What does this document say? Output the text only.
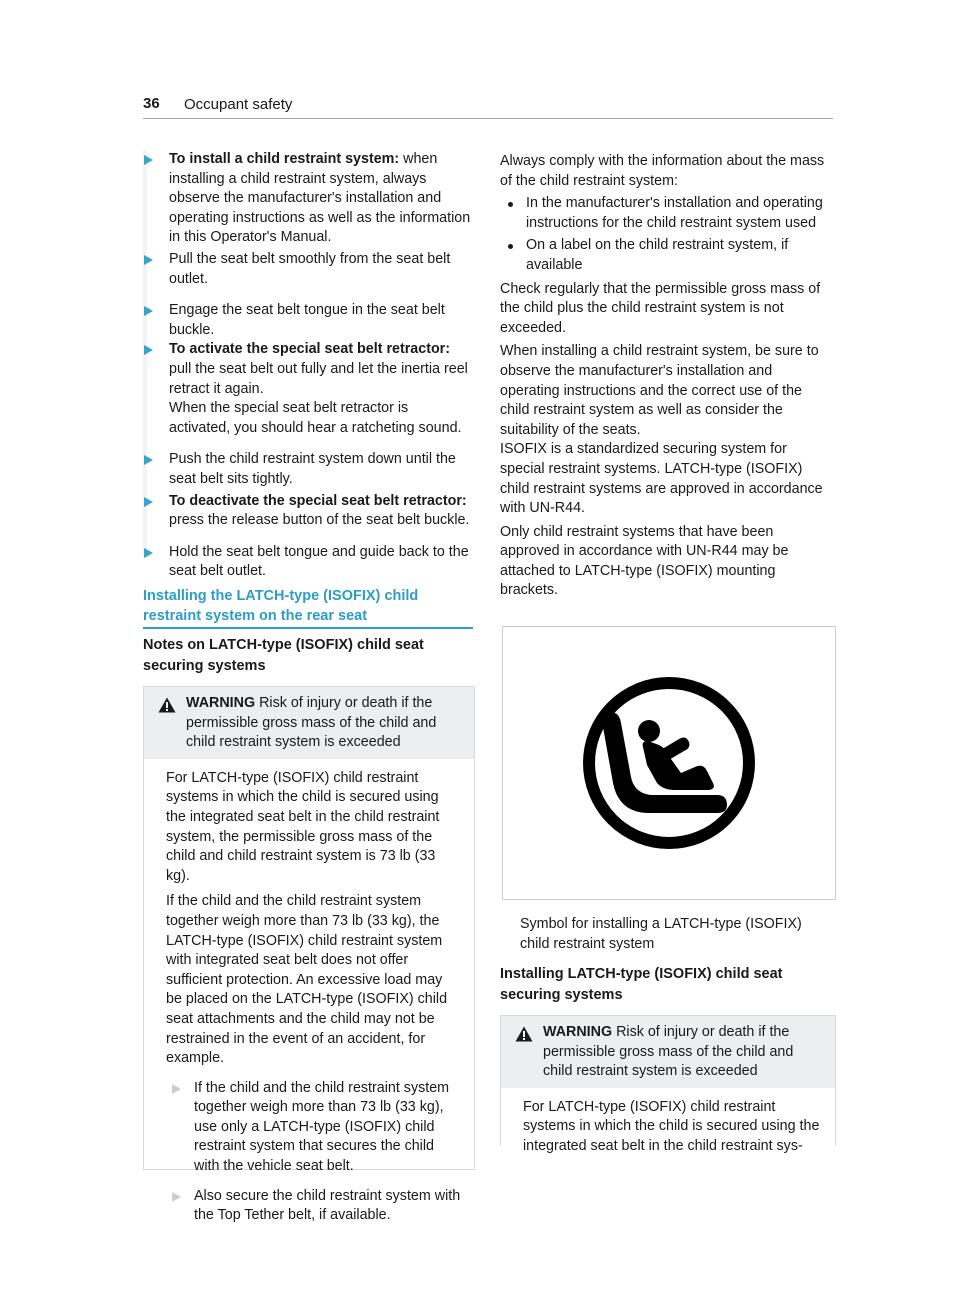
36 Occupant safety
To install a child restraint system: when installing a child restraint system, always observe the manufacturer's installation and operating instructions as well as the information in this Operator's Manual.
Pull the seat belt smoothly from the seat belt outlet.
Engage the seat belt tongue in the seat belt buckle.
To activate the special seat belt retractor: pull the seat belt out fully and let the inertia reel retract it again.
When the special seat belt retractor is activated, you should hear a ratcheting sound.
Push the child restraint system down until the seat belt sits tightly.
To deactivate the special seat belt retractor: press the release button of the seat belt buckle.
Hold the seat belt tongue and guide back to the seat belt outlet.
Installing the LATCH-type (ISOFIX) child restraint system on the rear seat
Notes on LATCH-type (ISOFIX) child seat securing systems
WARNING Risk of injury or death if the permissible gross mass of the child and child restraint system is exceeded

For LATCH-type (ISOFIX) child restraint systems in which the child is secured using the integrated seat belt in the child restraint system, the permissible gross mass of the child and child restraint system is 73 lb (33 kg).

If the child and the child restraint system together weigh more than 73 lb (33 kg), the LATCH-type (ISOFIX) child restraint system with integrated seat belt does not offer sufficient protection. An excessive load may be placed on the LATCH-type (ISOFIX) child seat attachments and the child may not be restrained in the event of an accident, for example.

If the child and the child restraint system together weigh more than 73 lb (33 kg), use only a LATCH-type (ISOFIX) child restraint system that secures the child with the vehicle seat belt.
Also secure the child restraint system with the Top Tether belt, if available.
Always comply with the information about the mass of the child restraint system:
In the manufacturer's installation and operating instructions for the child restraint system used
On a label on the child restraint system, if available
Check regularly that the permissible gross mass of the child plus the child restraint system is not exceeded.
When installing a child restraint system, be sure to observe the manufacturer's installation and operating instructions and the correct use of the child restraint system as well as consider the suitability of the seats.
ISOFIX is a standardized securing system for special restraint systems. LATCH-type (ISOFIX) child restraint systems are approved in accordance with UN-R44.
Only child restraint systems that have been approved in accordance with UN-R44 may be attached to LATCH-type (ISOFIX) mounting brackets.
Symbol for installing a LATCH-type (ISOFIX) child restraint system
Installing LATCH-type (ISOFIX) child seat securing systems
WARNING Risk of injury or death if the permissible gross mass of the child and child restraint system is exceeded

For LATCH-type (ISOFIX) child restraint systems in which the child is secured using the integrated seat belt in the child restraint sys-
